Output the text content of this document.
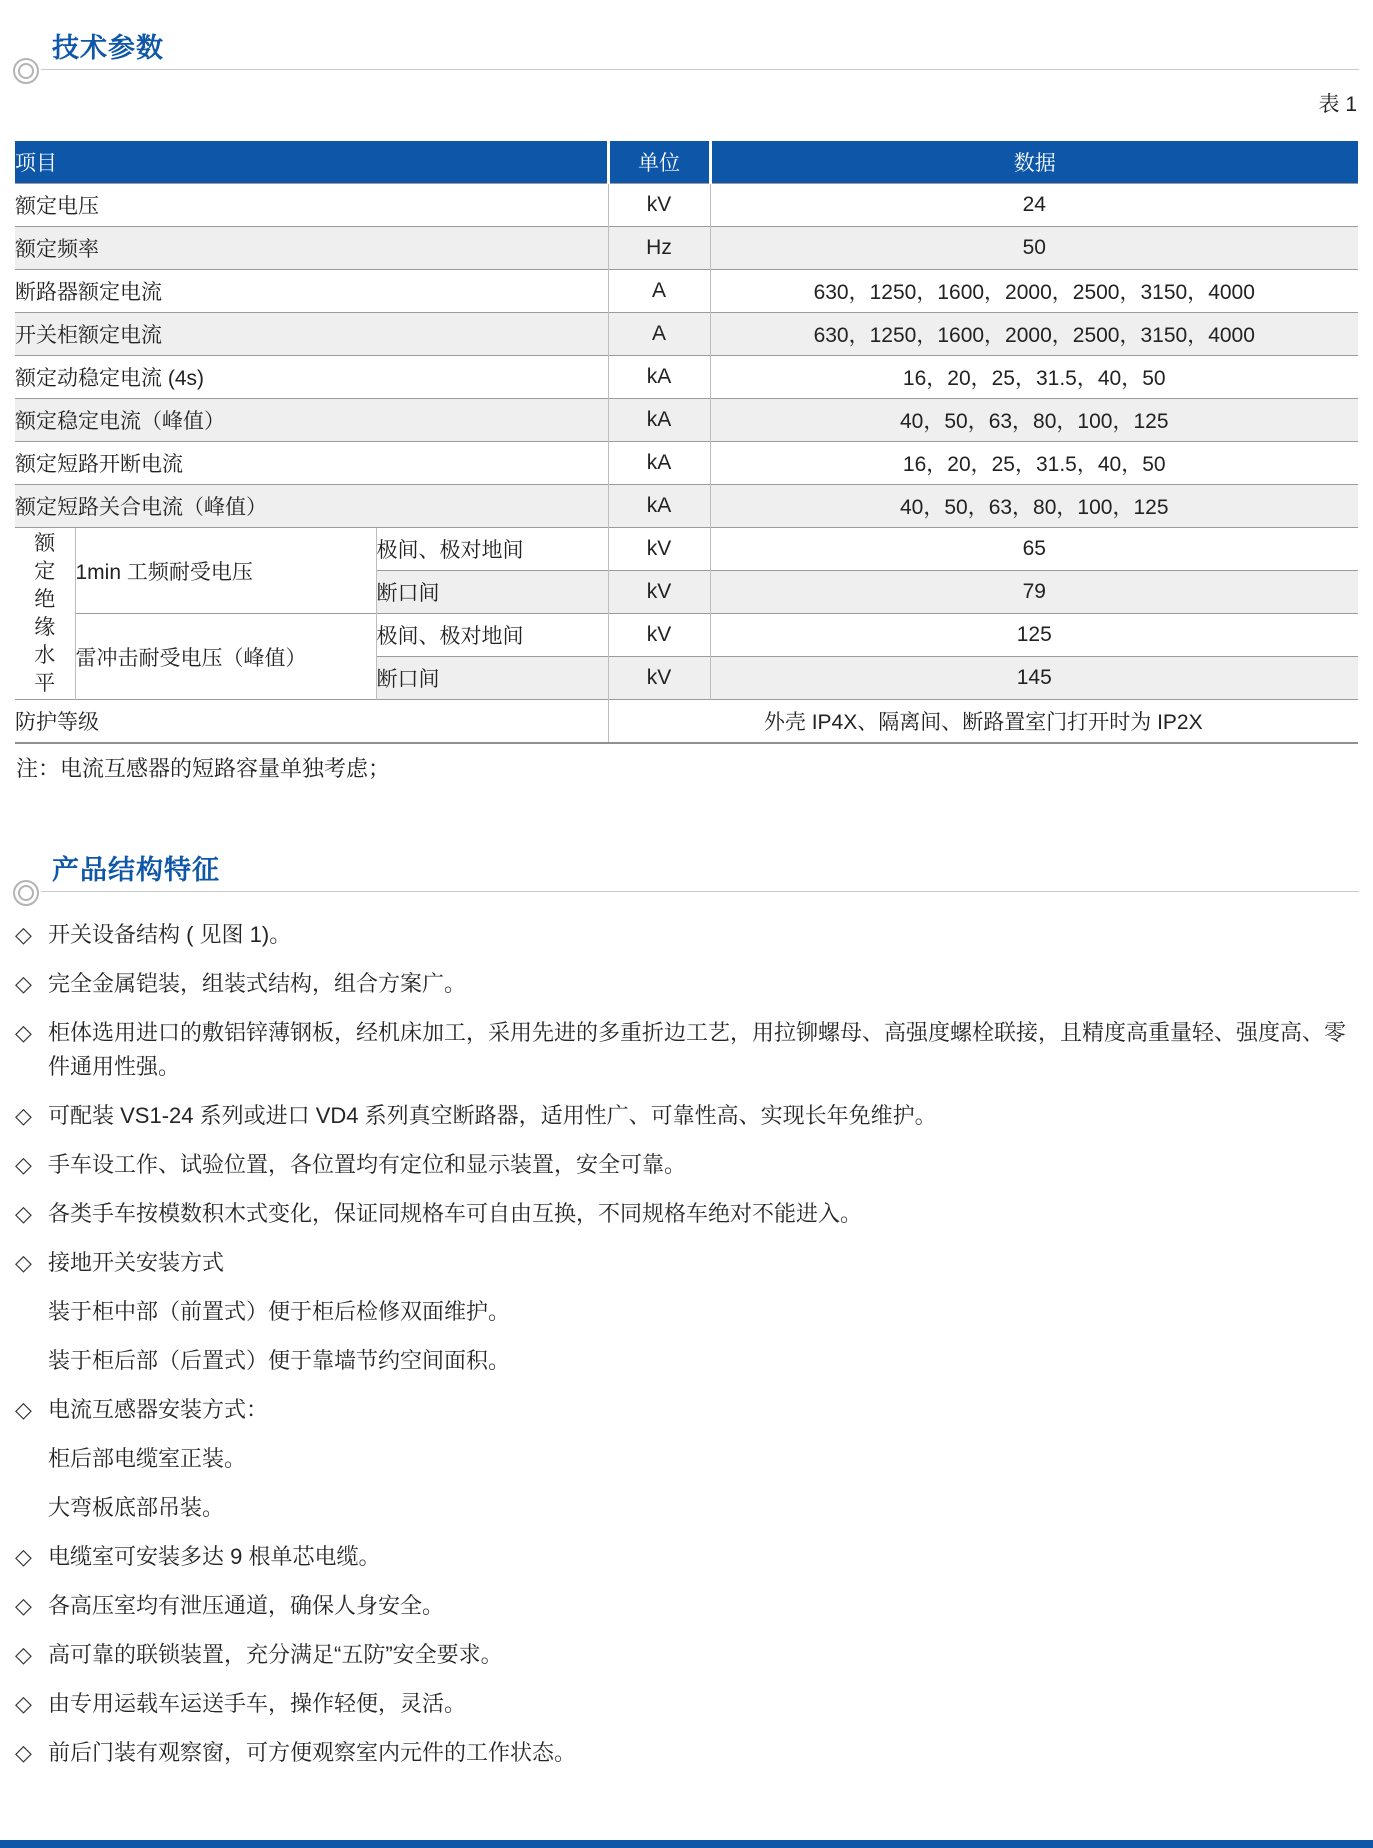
技术参数
表 1
项目			单位	数据
额定电压			kV	24
额定频率			Hz	50
断路器额定电流			A	630，1250，1600，2000，2500，3150，4000
开关柜额定电流			A	630，1250，1600，2000，2500，3150，4000
额定动稳定电流 (4s)			kA	16，20，25，31.5，40，50
额定稳定电流（峰值）			kA	40，50，63，80，100，125
额定短路开断电流			kA	16，20，25，31.5，40，50
额定短路关合电流（峰值）			kA	40，50，63，80，100，125

额定绝缘水平	1min 工频耐受电压	极间、极对地间	kV	65
		断口间	kV	79
	雷冲击耐受电压（峰值）	极间、极对地间	kV	125
		断口间	kV	145
防护等级			外壳 IP4X、隔离间、断路置室门打开时为 IP2X	
注：电流互感器的短路容量单独考虑；
产品结构特征
◇ 开关设备结构 ( 见图 1)。
◇ 完全金属铠装，组装式结构，组合方案广。
◇ 柜体选用进口的敷铝锌薄钢板，经机床加工，采用先进的多重折边工艺，用拉铆螺母、高强度螺栓联接，且精度高重量轻、强度高、零件通用性强。
◇ 可配装 VS1-24 系列或进口 VD4 系列真空断路器，适用性广、可靠性高、实现长年免维护。
◇ 手车设工作、试验位置，各位置均有定位和显示装置，安全可靠。
◇ 各类手车按模数积木式变化，保证同规格车可自由互换，不同规格车绝对不能进入。
◇ 接地开关安装方式
装于柜中部（前置式）便于柜后检修双面维护。
装于柜后部（后置式）便于靠墙节约空间面积。
◇ 电流互感器安装方式：
柜后部电缆室正装。
大弯板底部吊装。
◇ 电缆室可安装多达 9 根单芯电缆。
◇ 各高压室均有泄压通道，确保人身安全。
◇ 高可靠的联锁装置，充分满足“五防”安全要求。
◇ 由专用运载车运送手车，操作轻便，灵活。
◇ 前后门装有观察窗，可方便观察室内元件的工作状态。
